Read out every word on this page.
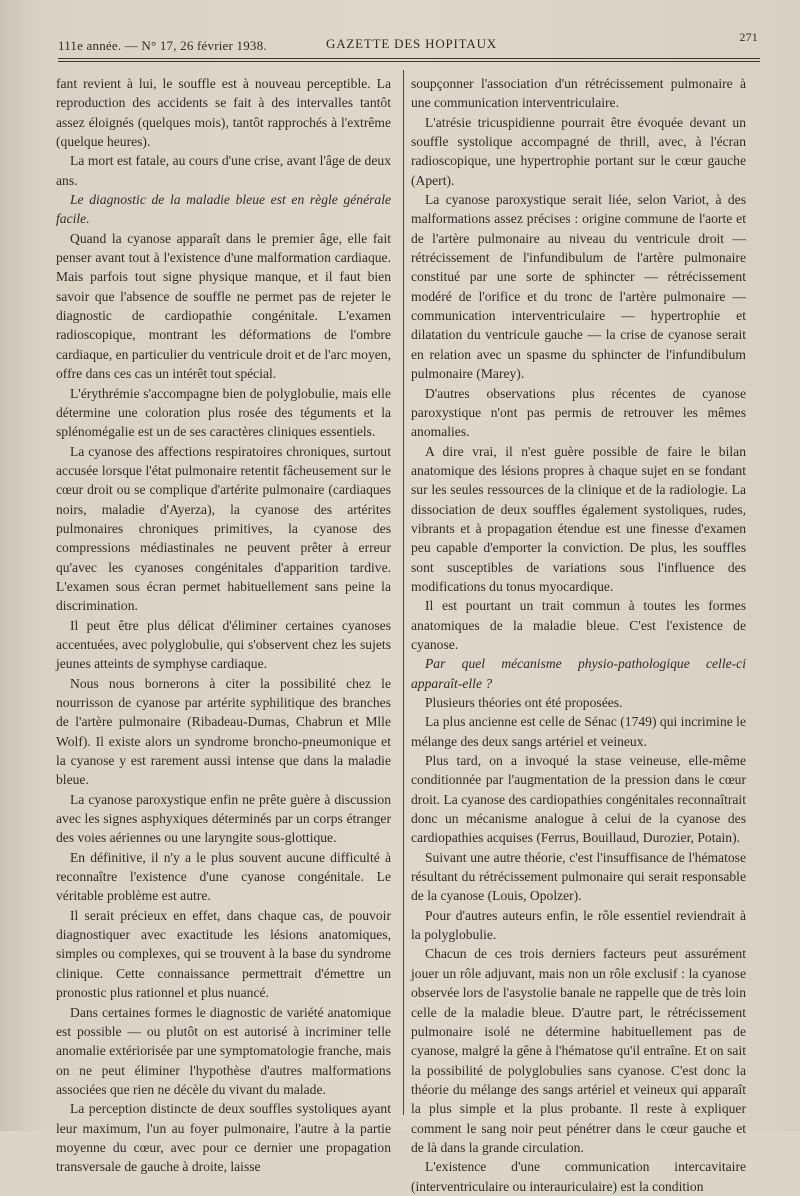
111e année. — N° 17, 26 février 1938.	GAZETTE DES HOPITAUX	271

fant revient à lui, le souffle est à nouveau perceptible. La reproduction des accidents se fait à des intervalles tantôt assez éloignés (quelques mois), tantôt rapprochés à l'extrême (quelque heures).

La mort est fatale, au cours d'une crise, avant l'âge de deux ans.

Le diagnostic de la maladie bleue est en règle générale facile.

Quand la cyanose apparaît dans le premier âge, elle fait penser avant tout à l'existence d'une malformation cardiaque. Mais parfois tout signe physique manque, et il faut bien savoir que l'absence de souffle ne permet pas de rejeter le diagnostic de cardiopathie congénitale. L'examen radioscopique, montrant les déformations de l'ombre cardiaque, en particulier du ventricule droit et de l'arc moyen, offre dans ces cas un intérêt tout spécial.

L'érythrémie s'accompagne bien de polyglobulie, mais elle détermine une coloration plus rosée des téguments et la splénomégalie est un de ses caractères cliniques essentiels.

La cyanose des affections respiratoires chroniques, surtout accusée lorsque l'état pulmonaire retentit fâcheusement sur le cœur droit ou se complique d'artérite pulmonaire (cardiaques noirs, maladie d'Ayerza), la cyanose des artérites pulmonaires chroniques primitives, la cyanose des compressions médiastinales ne peuvent prêter à erreur qu'avec les cyanoses congénitales d'apparition tardive. L'examen sous écran permet habituellement sans peine la discrimination.

Il peut être plus délicat d'éliminer certaines cyanoses accentuées, avec polyglobulie, qui s'observent chez les sujets jeunes atteints de symphyse cardiaque.

Nous nous bornerons à citer la possibilité chez le nourrisson de cyanose par artérite syphilitique des branches de l'artère pulmonaire (Ribadeau-Dumas, Chabrun et Mlle Wolf). Il existe alors un syndrome broncho-pneumonique et la cyanose y est rarement aussi intense que dans la maladie bleue.

La cyanose paroxystique enfin ne prête guère à discussion avec les signes asphyxiques déterminés par un corps étranger des voies aériennes ou une laryngite sous-glottique.

En définitive, il n'y a le plus souvent aucune difficulté à reconnaître l'existence d'une cyanose congénitale. Le véritable problème est autre.

Il serait précieux en effet, dans chaque cas, de pouvoir diagnostiquer avec exactitude les lésions anatomiques, simples ou complexes, qui se trouvent à la base du syndrome clinique. Cette connaissance permettrait d'émettre un pronostic plus rationnel et plus nuancé.

Dans certaines formes le diagnostic de variété anatomique est possible — ou plutôt on est autorisé à incriminer telle anomalie extériorisée par une symptomatologie franche, mais on ne peut éliminer l'hypothèse d'autres malformations associées que rien ne décèle du vivant du malade.

La perception distincte de deux souffles systoliques ayant leur maximum, l'un au foyer pulmonaire, l'autre à la partie moyenne du cœur, avec pour ce dernier une propagation transversale de gauche à droite, laisse

soupçonner l'association d'un rétrécissement pulmonaire à une communication interventriculaire.

L'atrésie tricuspidienne pourrait être évoquée devant un souffle systolique accompagné de thrill, avec, à l'écran radioscopique, une hypertrophie portant sur le cœur gauche (Apert).

La cyanose paroxystique serait liée, selon Variot, à des malformations assez précises : origine commune de l'aorte et de l'artère pulmonaire au niveau du ventricule droit — rétrécissement de l'infundibulum de l'artère pulmonaire constitué par une sorte de sphincter — rétrécissement modéré de l'orifice et du tronc de l'artère pulmonaire — communication interventriculaire — hypertrophie et dilatation du ventricule gauche — la crise de cyanose serait en relation avec un spasme du sphincter de l'infundibulum pulmonaire (Marey).

D'autres observations plus récentes de cyanose paroxystique n'ont pas permis de retrouver les mêmes anomalies.

A dire vrai, il n'est guère possible de faire le bilan anatomique des lésions propres à chaque sujet en se fondant sur les seules ressources de la clinique et de la radiologie. La dissociation de deux souffles également systoliques, rudes, vibrants et à propagation étendue est une finesse d'examen peu capable d'emporter la conviction. De plus, les souffles sont susceptibles de variations sous l'influence des modifications du tonus myocardique.

Il est pourtant un trait commun à toutes les formes anatomiques de la maladie bleue. C'est l'existence de cyanose.

Par quel mécanisme physio-pathologique celle-ci apparaît-elle ?

Plusieurs théories ont été proposées.

La plus ancienne est celle de Sénac (1749) qui incrimine le mélange des deux sangs artériel et veineux.

Plus tard, on a invoqué la stase veineuse, elle-même conditionnée par l'augmentation de la pression dans le cœur droit. La cyanose des cardiopathies congénitales reconnaîtrait donc un mécanisme analogue à celui de la cyanose des cardiopathies acquises (Ferrus, Bouillaud, Durozier, Potain).

Suivant une autre théorie, c'est l'insuffisance de l'hématose résultant du rétrécissement pulmonaire qui serait responsable de la cyanose (Louis, Opolzer).

Pour d'autres auteurs enfin, le rôle essentiel reviendrait à la polyglobulie.

Chacun de ces trois derniers facteurs peut assurément jouer un rôle adjuvant, mais non un rôle exclusif : la cyanose observée lors de l'asystolie banale ne rappelle que de très loin celle de la maladie bleue. D'autre part, le rétrécissement pulmonaire isolé ne détermine habituellement pas de cyanose, malgré la gêne à l'hématose qu'il entraîne. Et on sait la possibilité de polyglobulies sans cyanose. C'est donc la théorie du mélange des sangs artériel et veineux qui apparaît la plus simple et la plus probante. Il reste à expliquer comment le sang noir peut pénétrer dans le cœur gauche et de là dans la grande circulation.

L'existence d'une communication intercavitaire (interventriculaire ou interauriculaire) est la condition
